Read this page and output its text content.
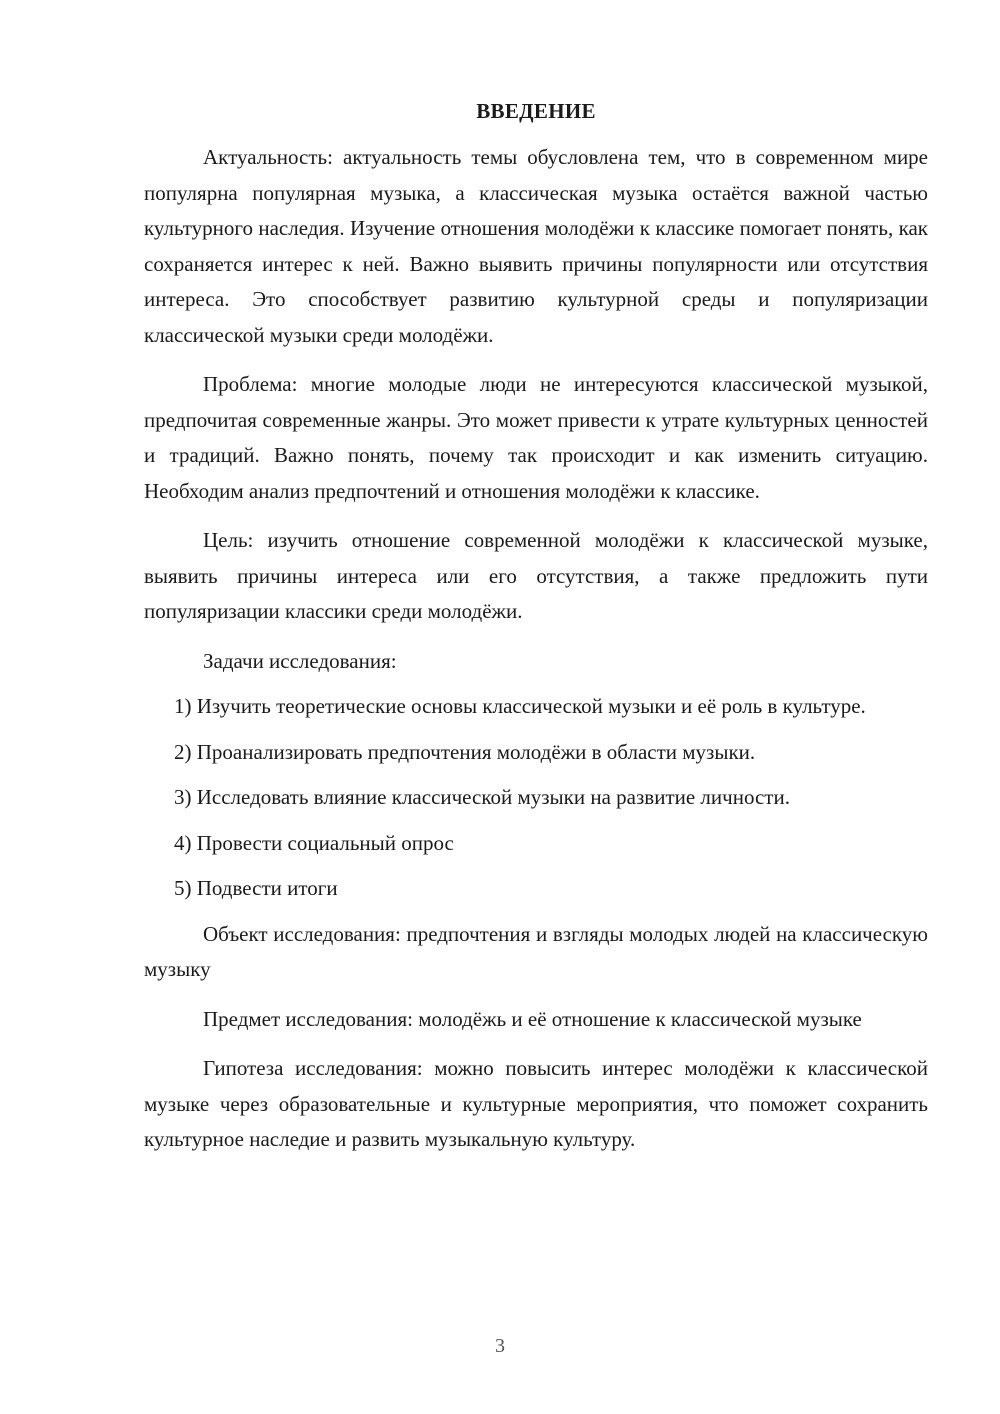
ВВЕДЕНИЕ

Актуальность: актуальность темы обусловлена тем, что в современном мире популярна популярная музыка, а классическая музыка остаётся важной частью культурного наследия. Изучение отношения молодёжи к классике помогает понять, как сохраняется интерес к ней. Важно выявить причины популярности или отсутствия интереса. Это способствует развитию культурной среды и популяризации классической музыки среди молодёжи.

Проблема: многие молодые люди не интересуются классической музыкой, предпочитая современные жанры. Это может привести к утрате культурных ценностей и традиций. Важно понять, почему так происходит и как изменить ситуацию. Необходим анализ предпочтений и отношения молодёжи к классике.

Цель: изучить отношение современной молодёжи к классической музыке, выявить причины интереса или его отсутствия, а также предложить пути популяризации классики среди молодёжи.

Задачи исследования:

1) Изучить теоретические основы классической музыки и её роль в культуре.

2) Проанализировать предпочтения молодёжи в области музыки.

3) Исследовать влияние классической музыки на развитие личности.

4) Провести социальный опрос

5) Подвести итоги

Объект исследования: предпочтения и взгляды молодых людей на классическую музыку

Предмет исследования: молодёжь и её отношение к классической музыке

Гипотеза исследования: можно повысить интерес молодёжи к классической музыке через образовательные и культурные мероприятия, что поможет сохранить культурное наследие и развить музыкальную культуру.

3
